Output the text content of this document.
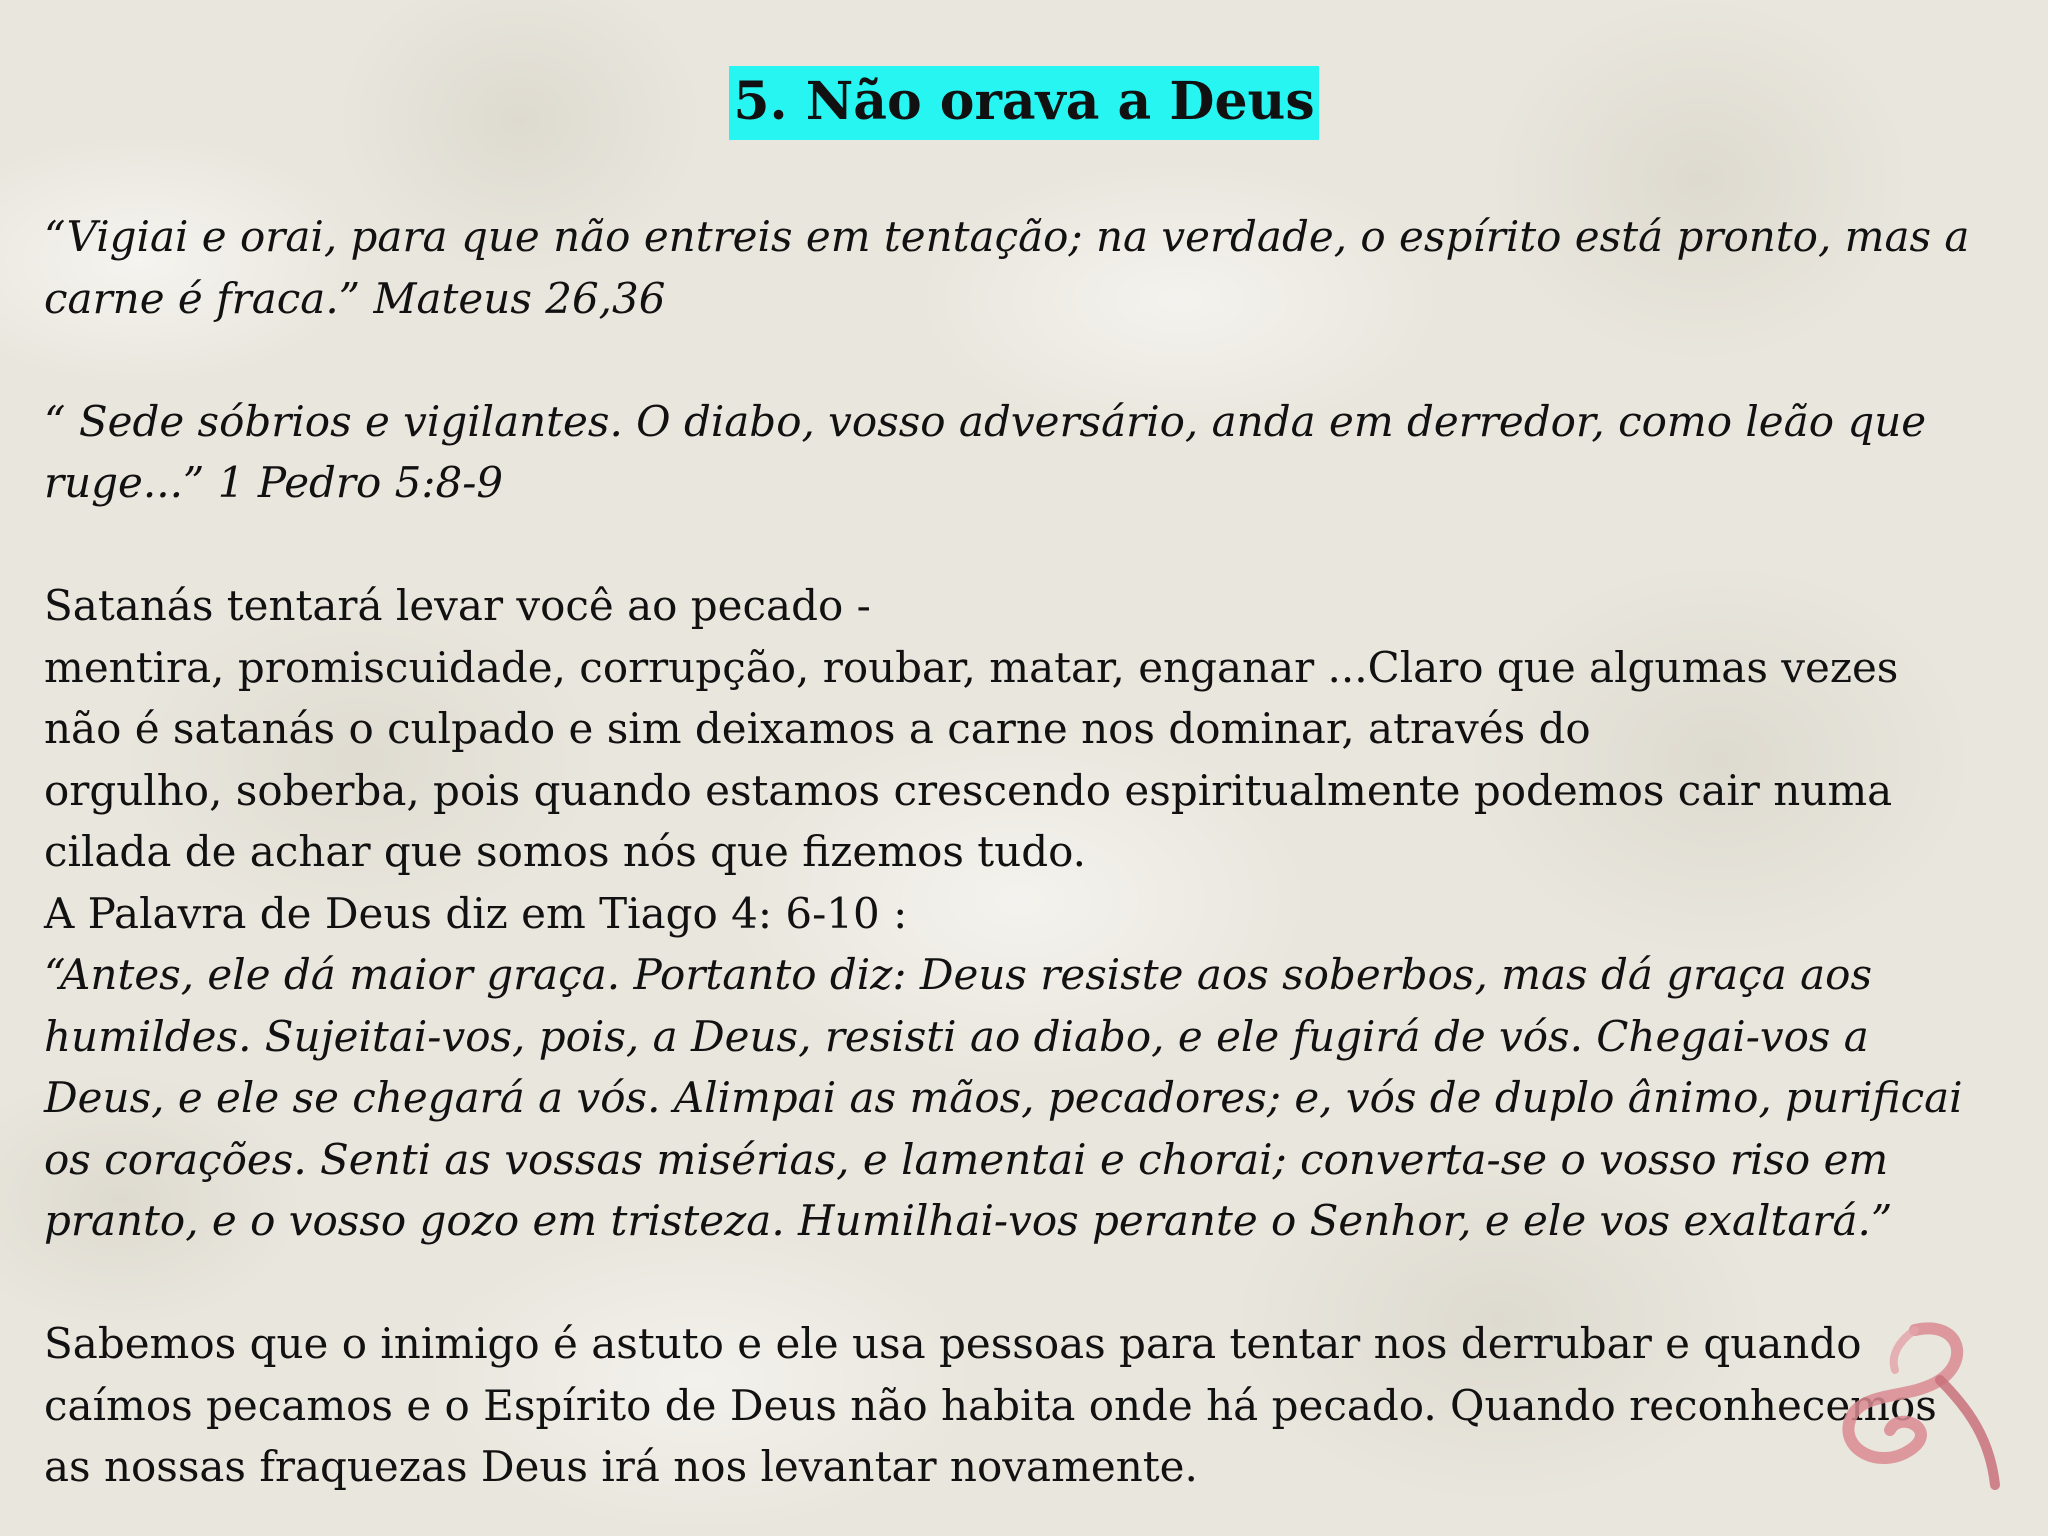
5. Não orava a Deus

“Vigiai e orai, para que não entreis em tentação; na verdade, o espírito está pronto, mas a

carne é fraca.” Mateus 26,36

“ Sede sóbrios e vigilantes. O diabo, vosso adversário, anda em derredor, como leão que

ruge...” 1 Pedro 5:8-9

Satanás tentará levar você ao pecado -

mentira, promiscuidade, corrupção, roubar, matar, enganar ...Claro que algumas vezes

não é satanás o culpado e sim deixamos a carne nos dominar, através do

orgulho, soberba, pois quando estamos crescendo espiritualmente podemos cair numa

cilada de achar que somos nós que fizemos tudo.

A Palavra de Deus diz em Tiago 4: 6-10 :

“Antes, ele dá maior graça. Portanto diz: Deus resiste aos soberbos, mas dá graça aos

humildes. Sujeitai-vos, pois, a Deus, resisti ao diabo, e ele fugirá de vós. Chegai-vos a

Deus, e ele se chegará a vós. Alimpai as mãos, pecadores; e, vós de duplo ânimo, purificai

os corações. Senti as vossas misérias, e lamentai e chorai; converta-se o vosso riso em

pranto, e o vosso gozo em tristeza. Humilhai-vos perante o Senhor, e ele vos exaltará.”

Sabemos que o inimigo é astuto e ele usa pessoas para tentar nos derrubar e quando

caímos pecamos e o Espírito de Deus não habita onde há pecado. Quando reconhecemos

as nossas fraquezas Deus irá nos levantar novamente.
